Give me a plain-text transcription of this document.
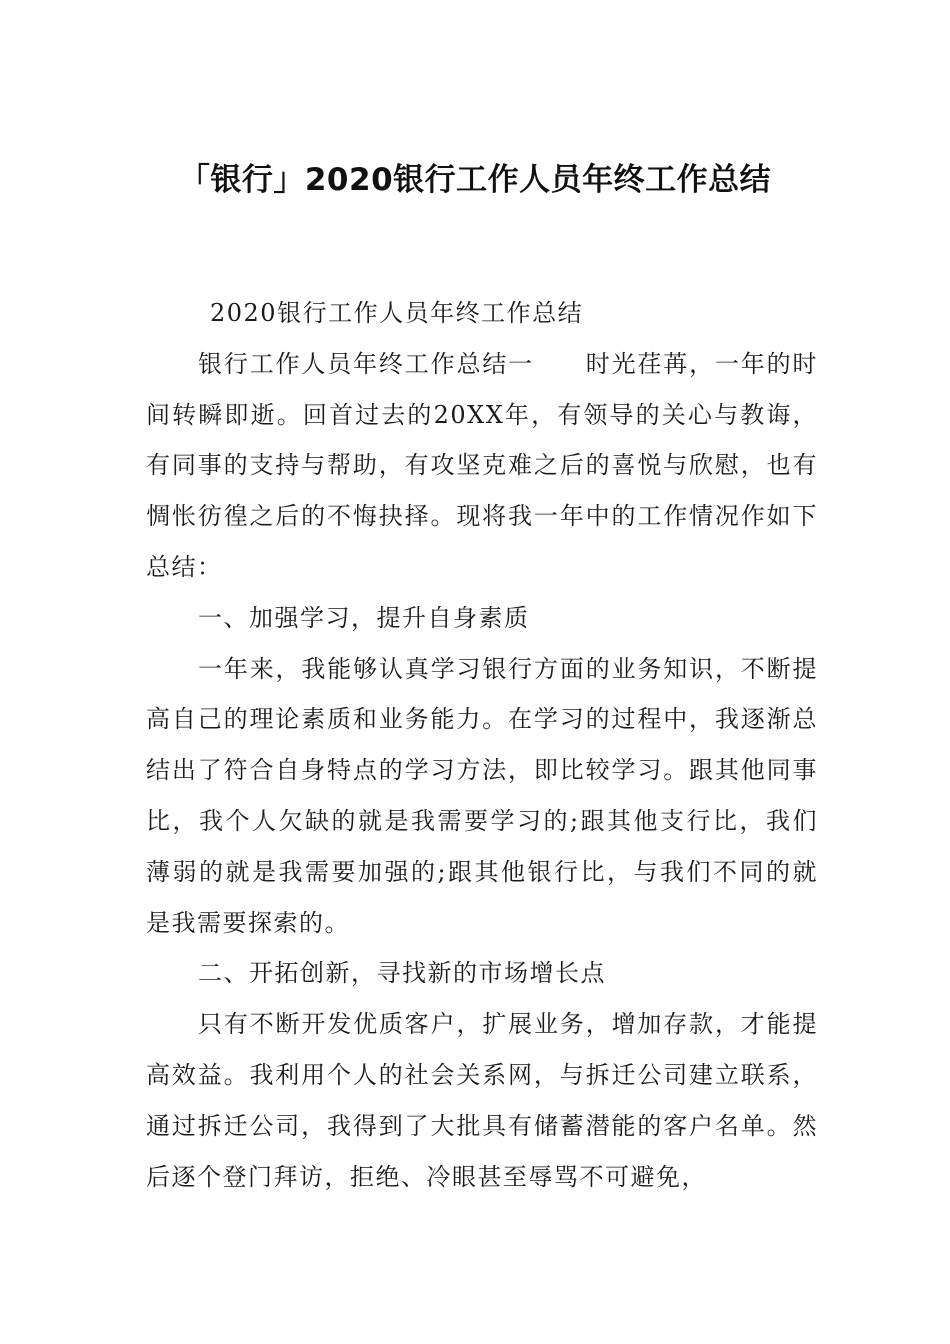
「银行」2020银行工作人员年终工作总结

2020银行工作人员年终工作总结

银行工作人员年终工作总结一　　时光荏苒，一年的时间转瞬即逝。回首过去的20XX年，有领导的关心与教诲，有同事的支持与帮助，有攻坚克难之后的喜悦与欣慰，也有惆怅彷徨之后的不悔抉择。现将我一年中的工作情况作如下总结：

一、加强学习，提升自身素质

一年来，我能够认真学习银行方面的业务知识，不断提高自己的理论素质和业务能力。在学习的过程中，我逐渐总结出了符合自身特点的学习方法，即比较学习。跟其他同事比，我个人欠缺的就是我需要学习的;跟其他支行比，我们薄弱的就是我需要加强的;跟其他银行比，与我们不同的就是我需要探索的。

二、开拓创新，寻找新的市场增长点

只有不断开发优质客户，扩展业务，增加存款，才能提高效益。我利用个人的社会关系网，与拆迁公司建立联系，通过拆迁公司，我得到了大批具有储蓄潜能的客户名单。然后逐个登门拜访，拒绝、冷眼甚至辱骂不可避免，
